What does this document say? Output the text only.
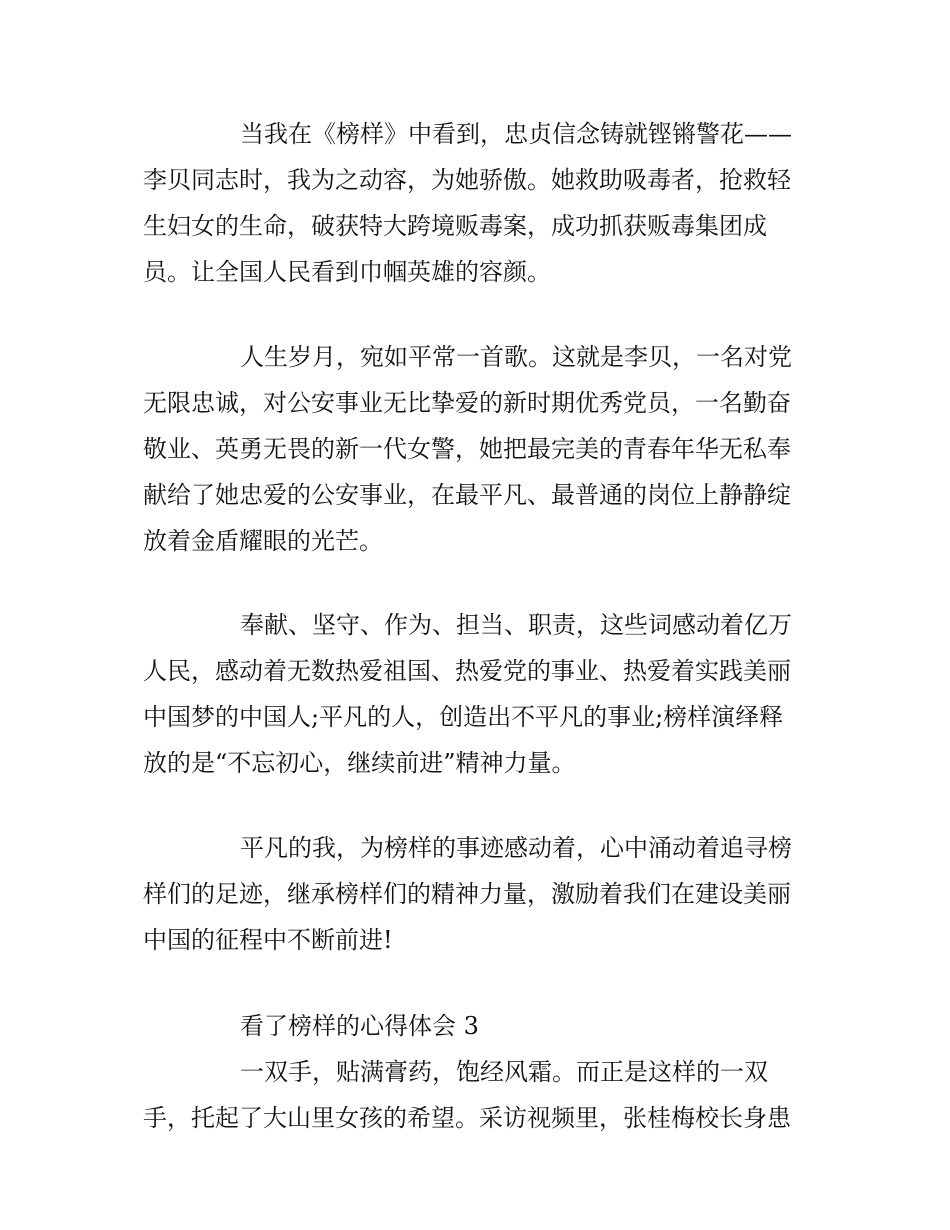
当我在《榜样》中看到，忠贞信念铸就铿锵警花——
李贝同志时，我为之动容，为她骄傲。她救助吸毒者，抢救轻
生妇女的生命，破获特大跨境贩毒案，成功抓获贩毒集团成
员。让全国人民看到巾帼英雄的容颜。
人生岁月，宛如平常一首歌。这就是李贝，一名对党
无限忠诚，对公安事业无比挚爱的新时期优秀党员，一名勤奋
敬业、英勇无畏的新一代女警，她把最完美的青春年华无私奉
献给了她忠爱的公安事业，在最平凡、最普通的岗位上静静绽
放着金盾耀眼的光芒。
奉献、坚守、作为、担当、职责，这些词感动着亿万
人民，感动着无数热爱祖国、热爱党的事业、热爱着实践美丽
中国梦的中国人;平凡的人，创造出不平凡的事业;榜样演绎释
放的是“不忘初心，继续前进”精神力量。
平凡的我，为榜样的事迹感动着，心中涌动着追寻榜
样们的足迹，继承榜样们的精神力量，激励着我们在建设美丽
中国的征程中不断前进!
看了榜样的心得体会 3
一双手，贴满膏药，饱经风霜。而正是这样的一双
手，托起了大山里女孩的希望。采访视频里，张桂梅校长身患
